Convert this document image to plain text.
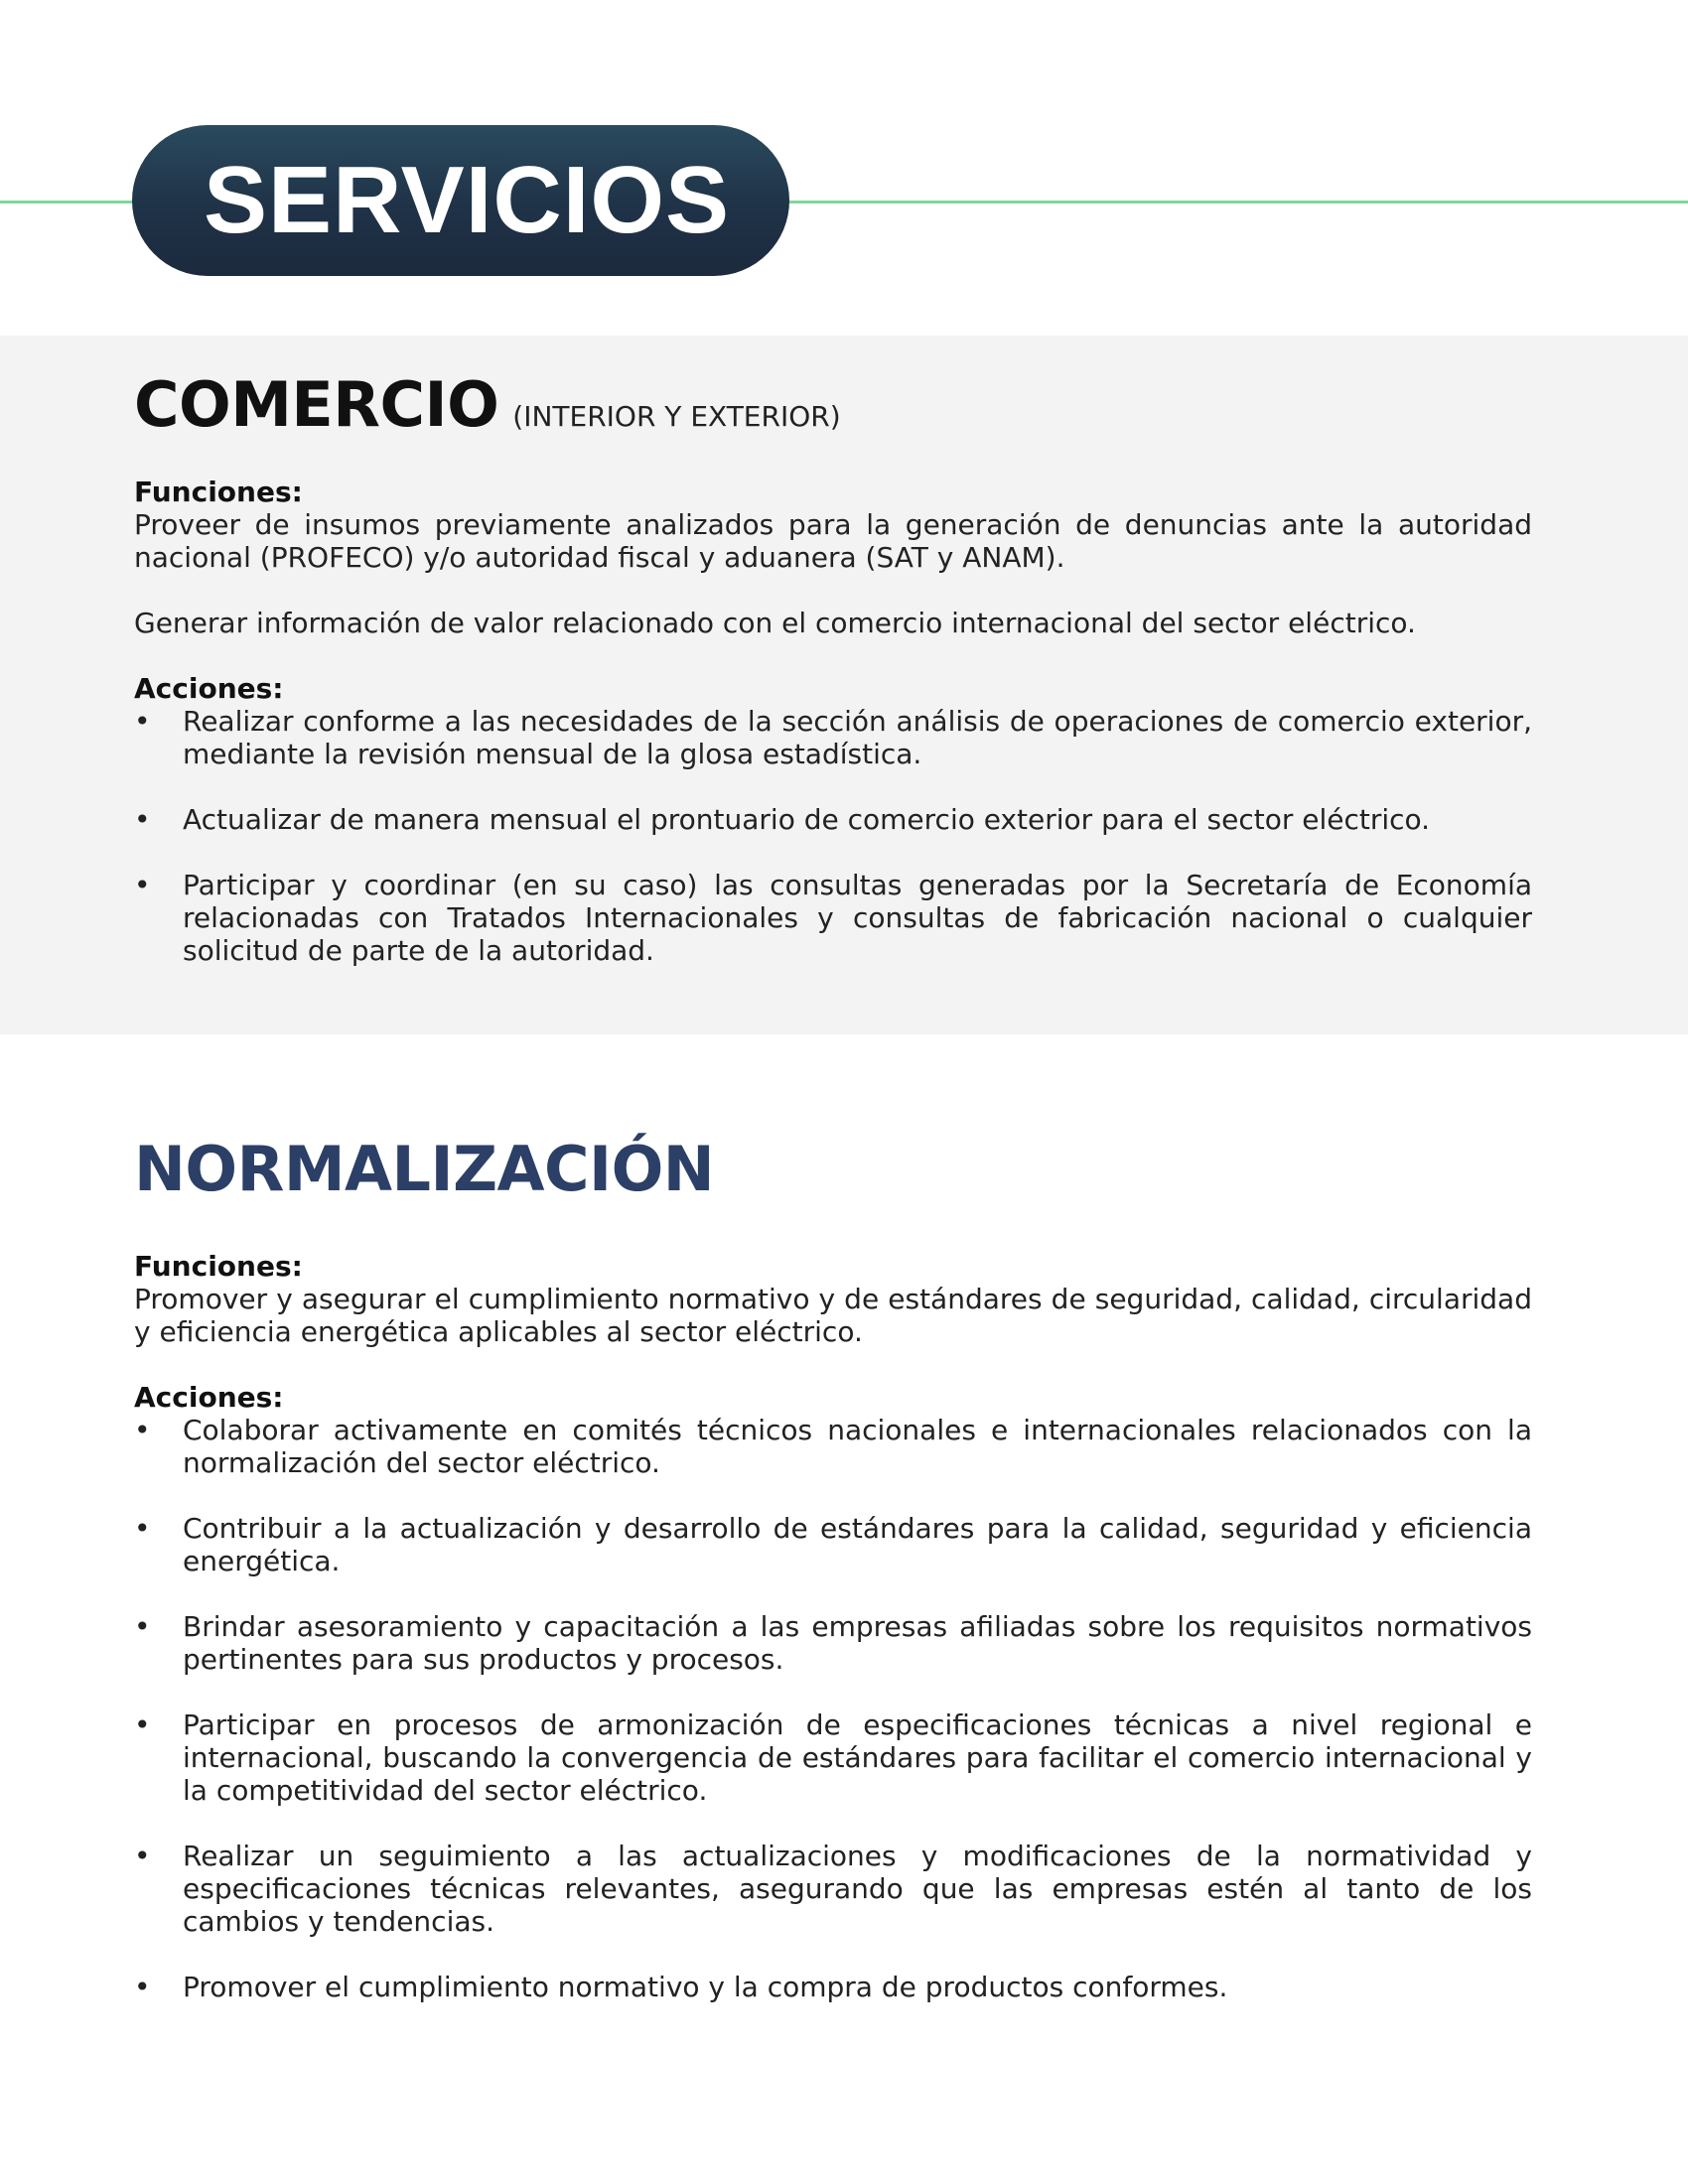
SERVICIOS
COMERCIO (INTERIOR Y EXTERIOR)

Funciones:

Proveer de insumos previamente analizados para la generación de denuncias ante la autoridad nacional (PROFECO) y/o autoridad fiscal y aduanera (SAT y ANAM).

Generar información de valor relacionado con el comercio internacional del sector eléctrico.

Acciones:

• Realizar conforme a las necesidades de la sección análisis de operaciones de comercio exterior, mediante la revisión mensual de la glosa estadística.
• Actualizar de manera mensual el prontuario de comercio exterior para el sector eléctrico.
• Participar y coordinar (en su caso) las consultas generadas por la Secretaría de Economía relacionadas con Tratados Internacionales y consultas de fabricación nacional o cualquier solicitud de parte de la autoridad.
NORMALIZACIÓN

Funciones:

Promover y asegurar el cumplimiento normativo y de estándares de seguridad, calidad, circularidad y eficiencia energética aplicables al sector eléctrico.

Acciones:

• Colaborar activamente en comités técnicos nacionales e internacionales relacionados con la normalización del sector eléctrico.
• Contribuir a la actualización y desarrollo de estándares para la calidad, seguridad y eficiencia energética.
• Brindar asesoramiento y capacitación a las empresas afiliadas sobre los requisitos normativos pertinentes para sus productos y procesos.
• Participar en procesos de armonización de especificaciones técnicas a nivel regional e internacional, buscando la convergencia de estándares para facilitar el comercio internacional y la competitividad del sector eléctrico.
• Realizar un seguimiento a las actualizaciones y modificaciones de la normatividad y especificaciones técnicas relevantes, asegurando que las empresas estén al tanto de los cambios y tendencias.
• Promover el cumplimiento normativo y la compra de productos conformes.
